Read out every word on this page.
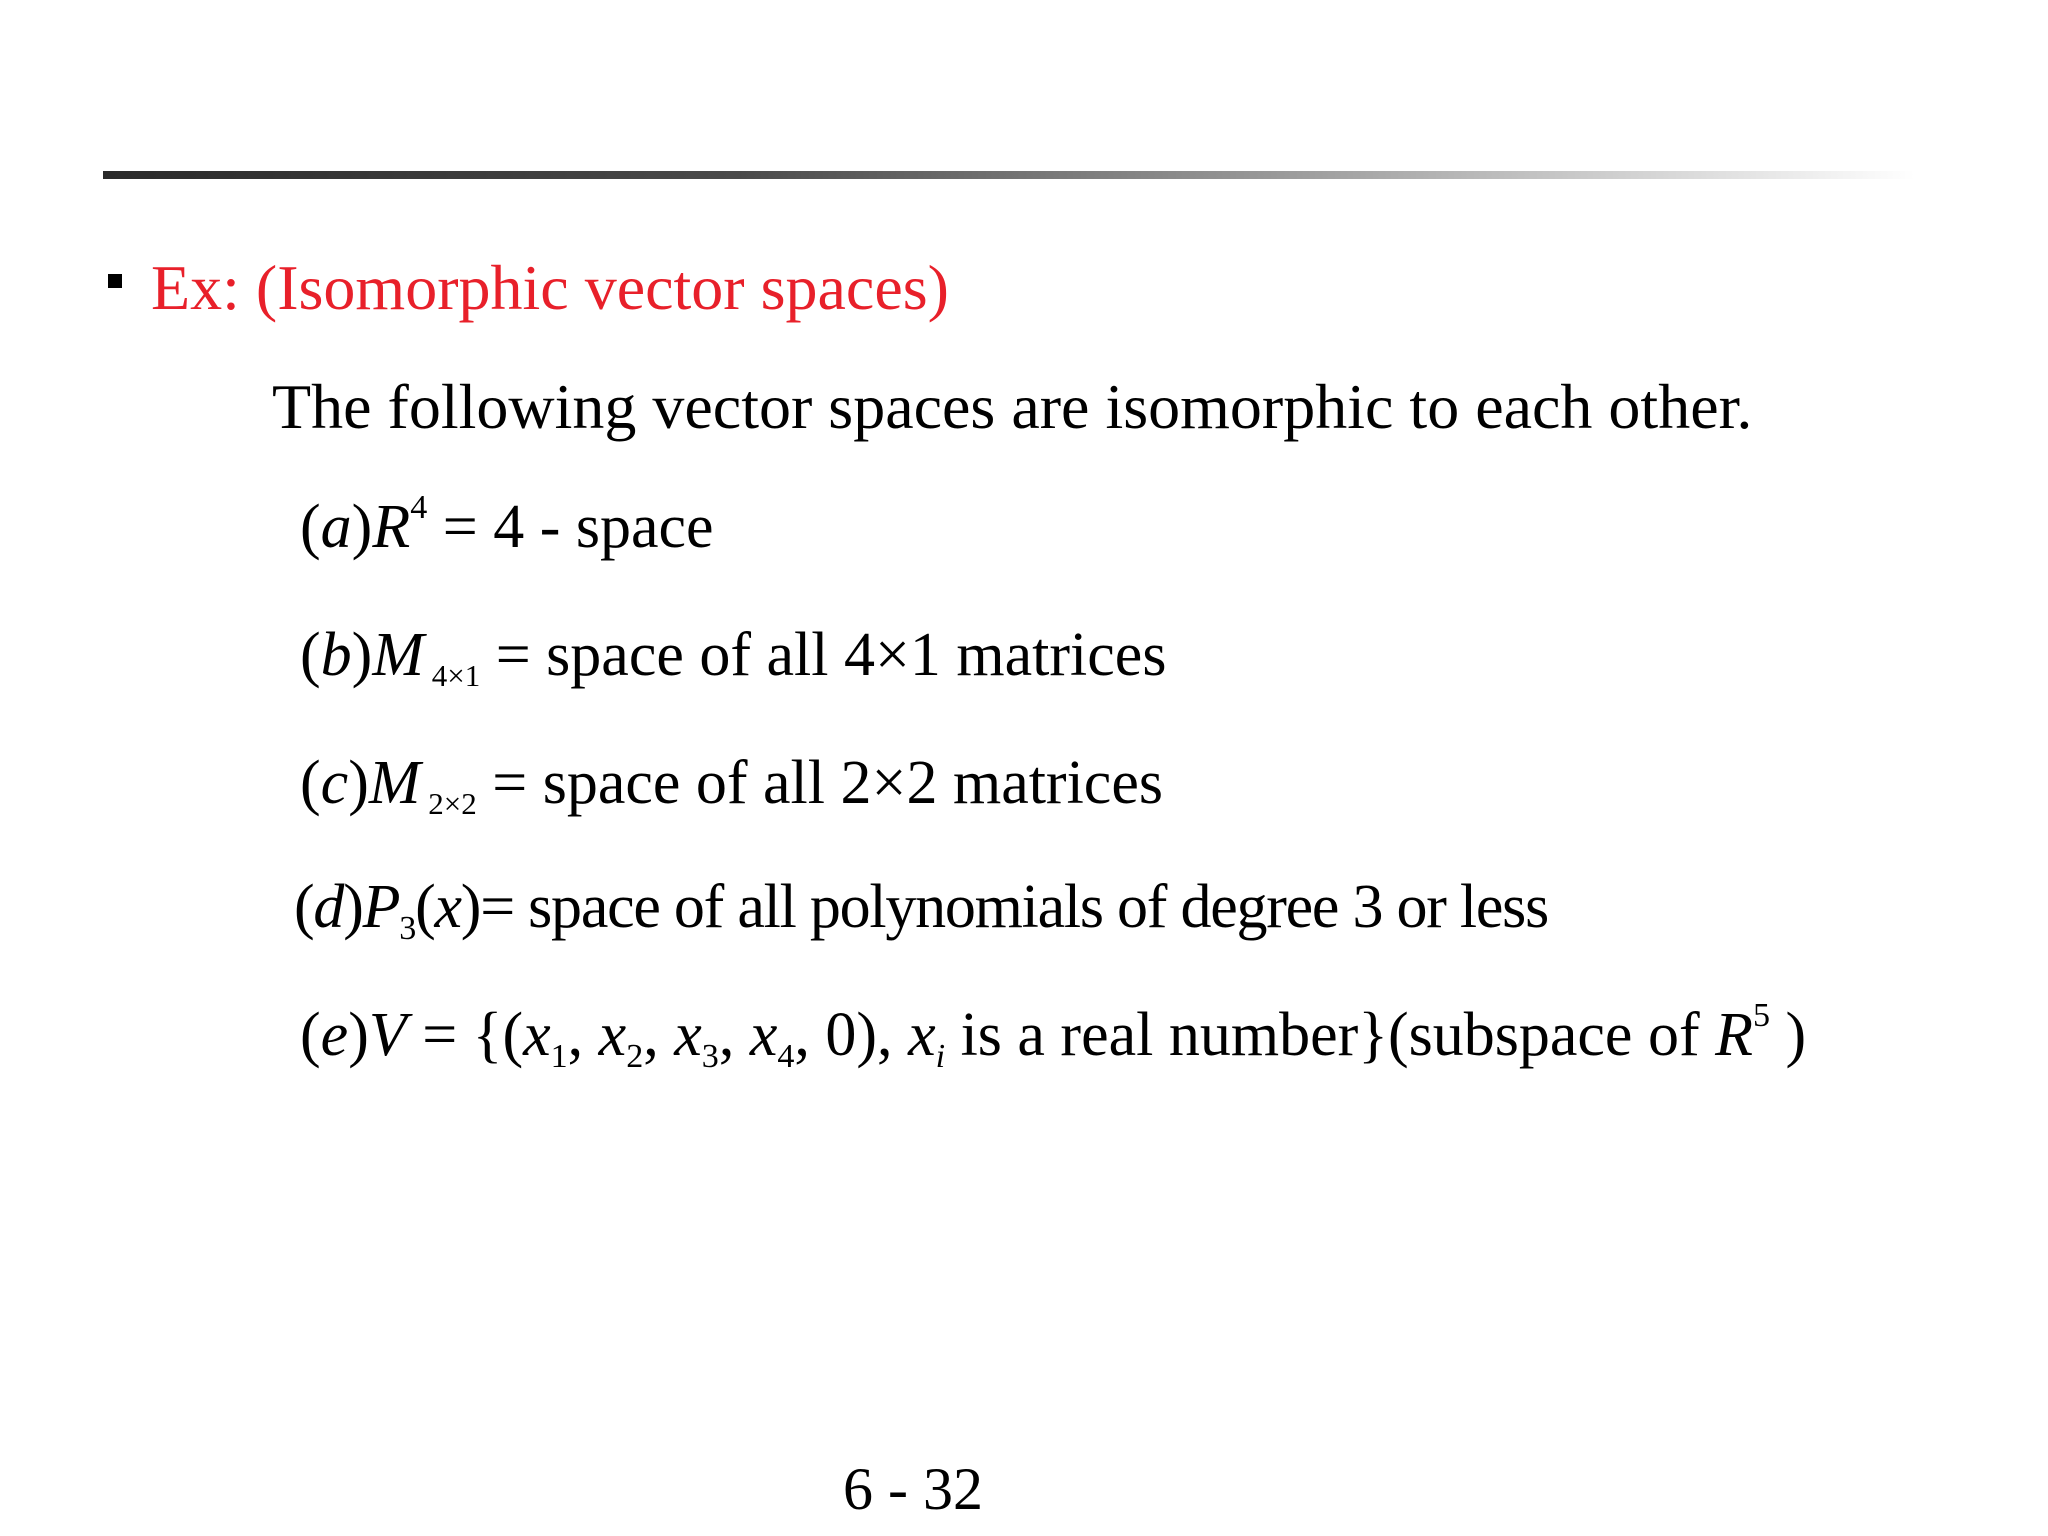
Ex: (Isomorphic vector spaces)
The following vector spaces are isomorphic to each other.
$(a)R^4 = 4$ - space
(b)M $_{4\times 1}$ = space of all 4×1 matrices
(c)M $_{2\times 2}$ = space of all 2×2 matrices
$(d)P_3(x)=$ space of all polynomials of degree 3 or less
$(e)V = \{(x_1$, $x_2$, $x_3$, $x_4$, 0), $x_i$ is a real number}(subspace of $R^5$ )
6 - 32
